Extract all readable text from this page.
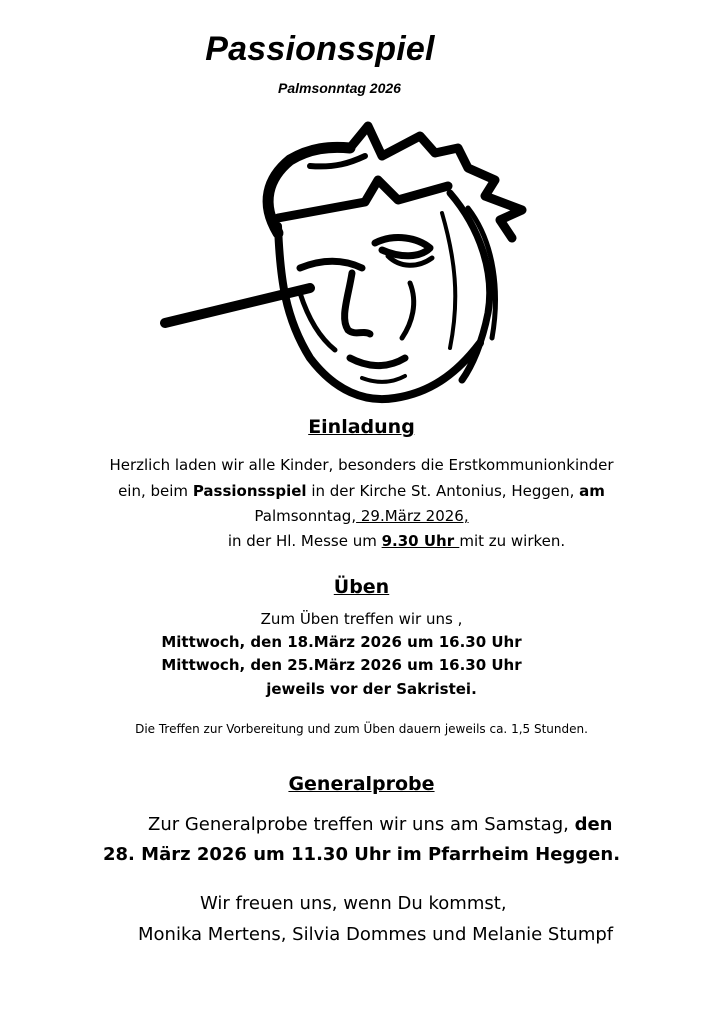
Passionsspiel
Palmsonntag 2026
Einladung
Herzlich laden wir alle Kinder, besonders die Erstkommunionkinder
ein, beim Passionsspiel in der Kirche St. Antonius, Heggen, am
Palmsonntag, 29.März 2026,
in der Hl. Messe um 9.30 Uhr mit zu wirken.
Üben
Zum Üben treffen wir uns ,
Mittwoch, den 18.März 2026 um 16.30 Uhr
Mittwoch, den 25.März 2026 um 16.30 Uhr
jeweils vor der Sakristei.
Die Treffen zur Vorbereitung und zum Üben dauern jeweils ca. 1,5 Stunden.
Generalprobe
Zur Generalprobe treffen wir uns am Samstag, den
28. März 2026 um 11.30 Uhr im Pfarrheim Heggen.
Wir freuen uns, wenn Du kommst,
Monika Mertens, Silvia Dommes und Melanie Stumpf
